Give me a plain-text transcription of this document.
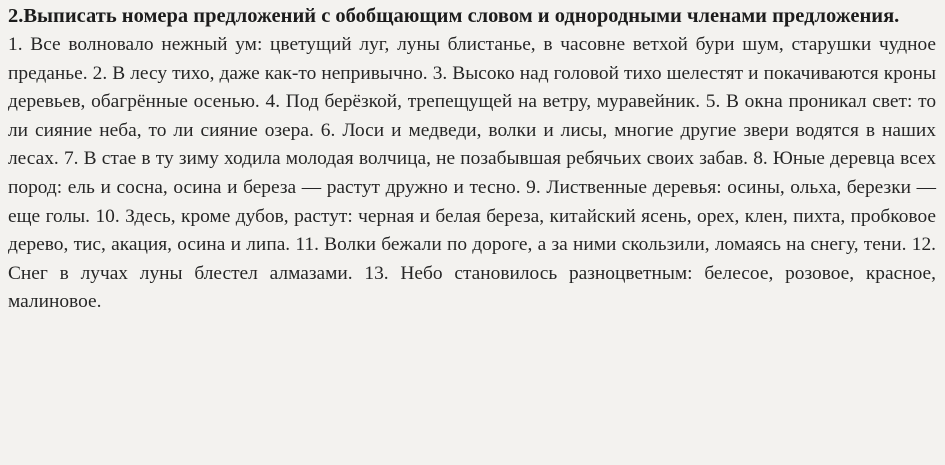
2.Выписать номера предложений с обобщающим словом и однородными членами предложения.

1. Все волновало нежный ум: цветущий луг, луны блистанье, в часовне ветхой бури шум, старушки чудное преданье. 2. В лесу тихо, даже как-то непривычно. 3. Высоко над головой тихо шелестят и покачиваются кроны деревьев, обагрённые осенью. 4. Под берёзкой, трепещущей на ветру, муравейник. 5. В окна проникал свет: то ли сияние неба, то ли сияние озера. 6. Лоси и медведи, волки и лисы, многие другие звери водятся в наших лесах. 7. В стае в ту зиму ходила молодая волчица, не позабывшая ребячьих своих забав. 8. Юные деревца всех пород: ель и сосна, осина и береза — растут дружно и тесно. 9. Лиственные деревья: осины, ольха, березки — еще голы. 10. Здесь, кроме дубов, растут: черная и белая береза, китайский ясень, орех, клен, пихта, пробковое дерево, тис, акация, осина и липа. 11. Волки бежали по дороге, а за ними скользили, ломаясь на снегу, тени. 12. Снег в лучах луны блестел алмазами. 13. Небо становилось разноцветным: белесое, розовое, красное, малиновое.
